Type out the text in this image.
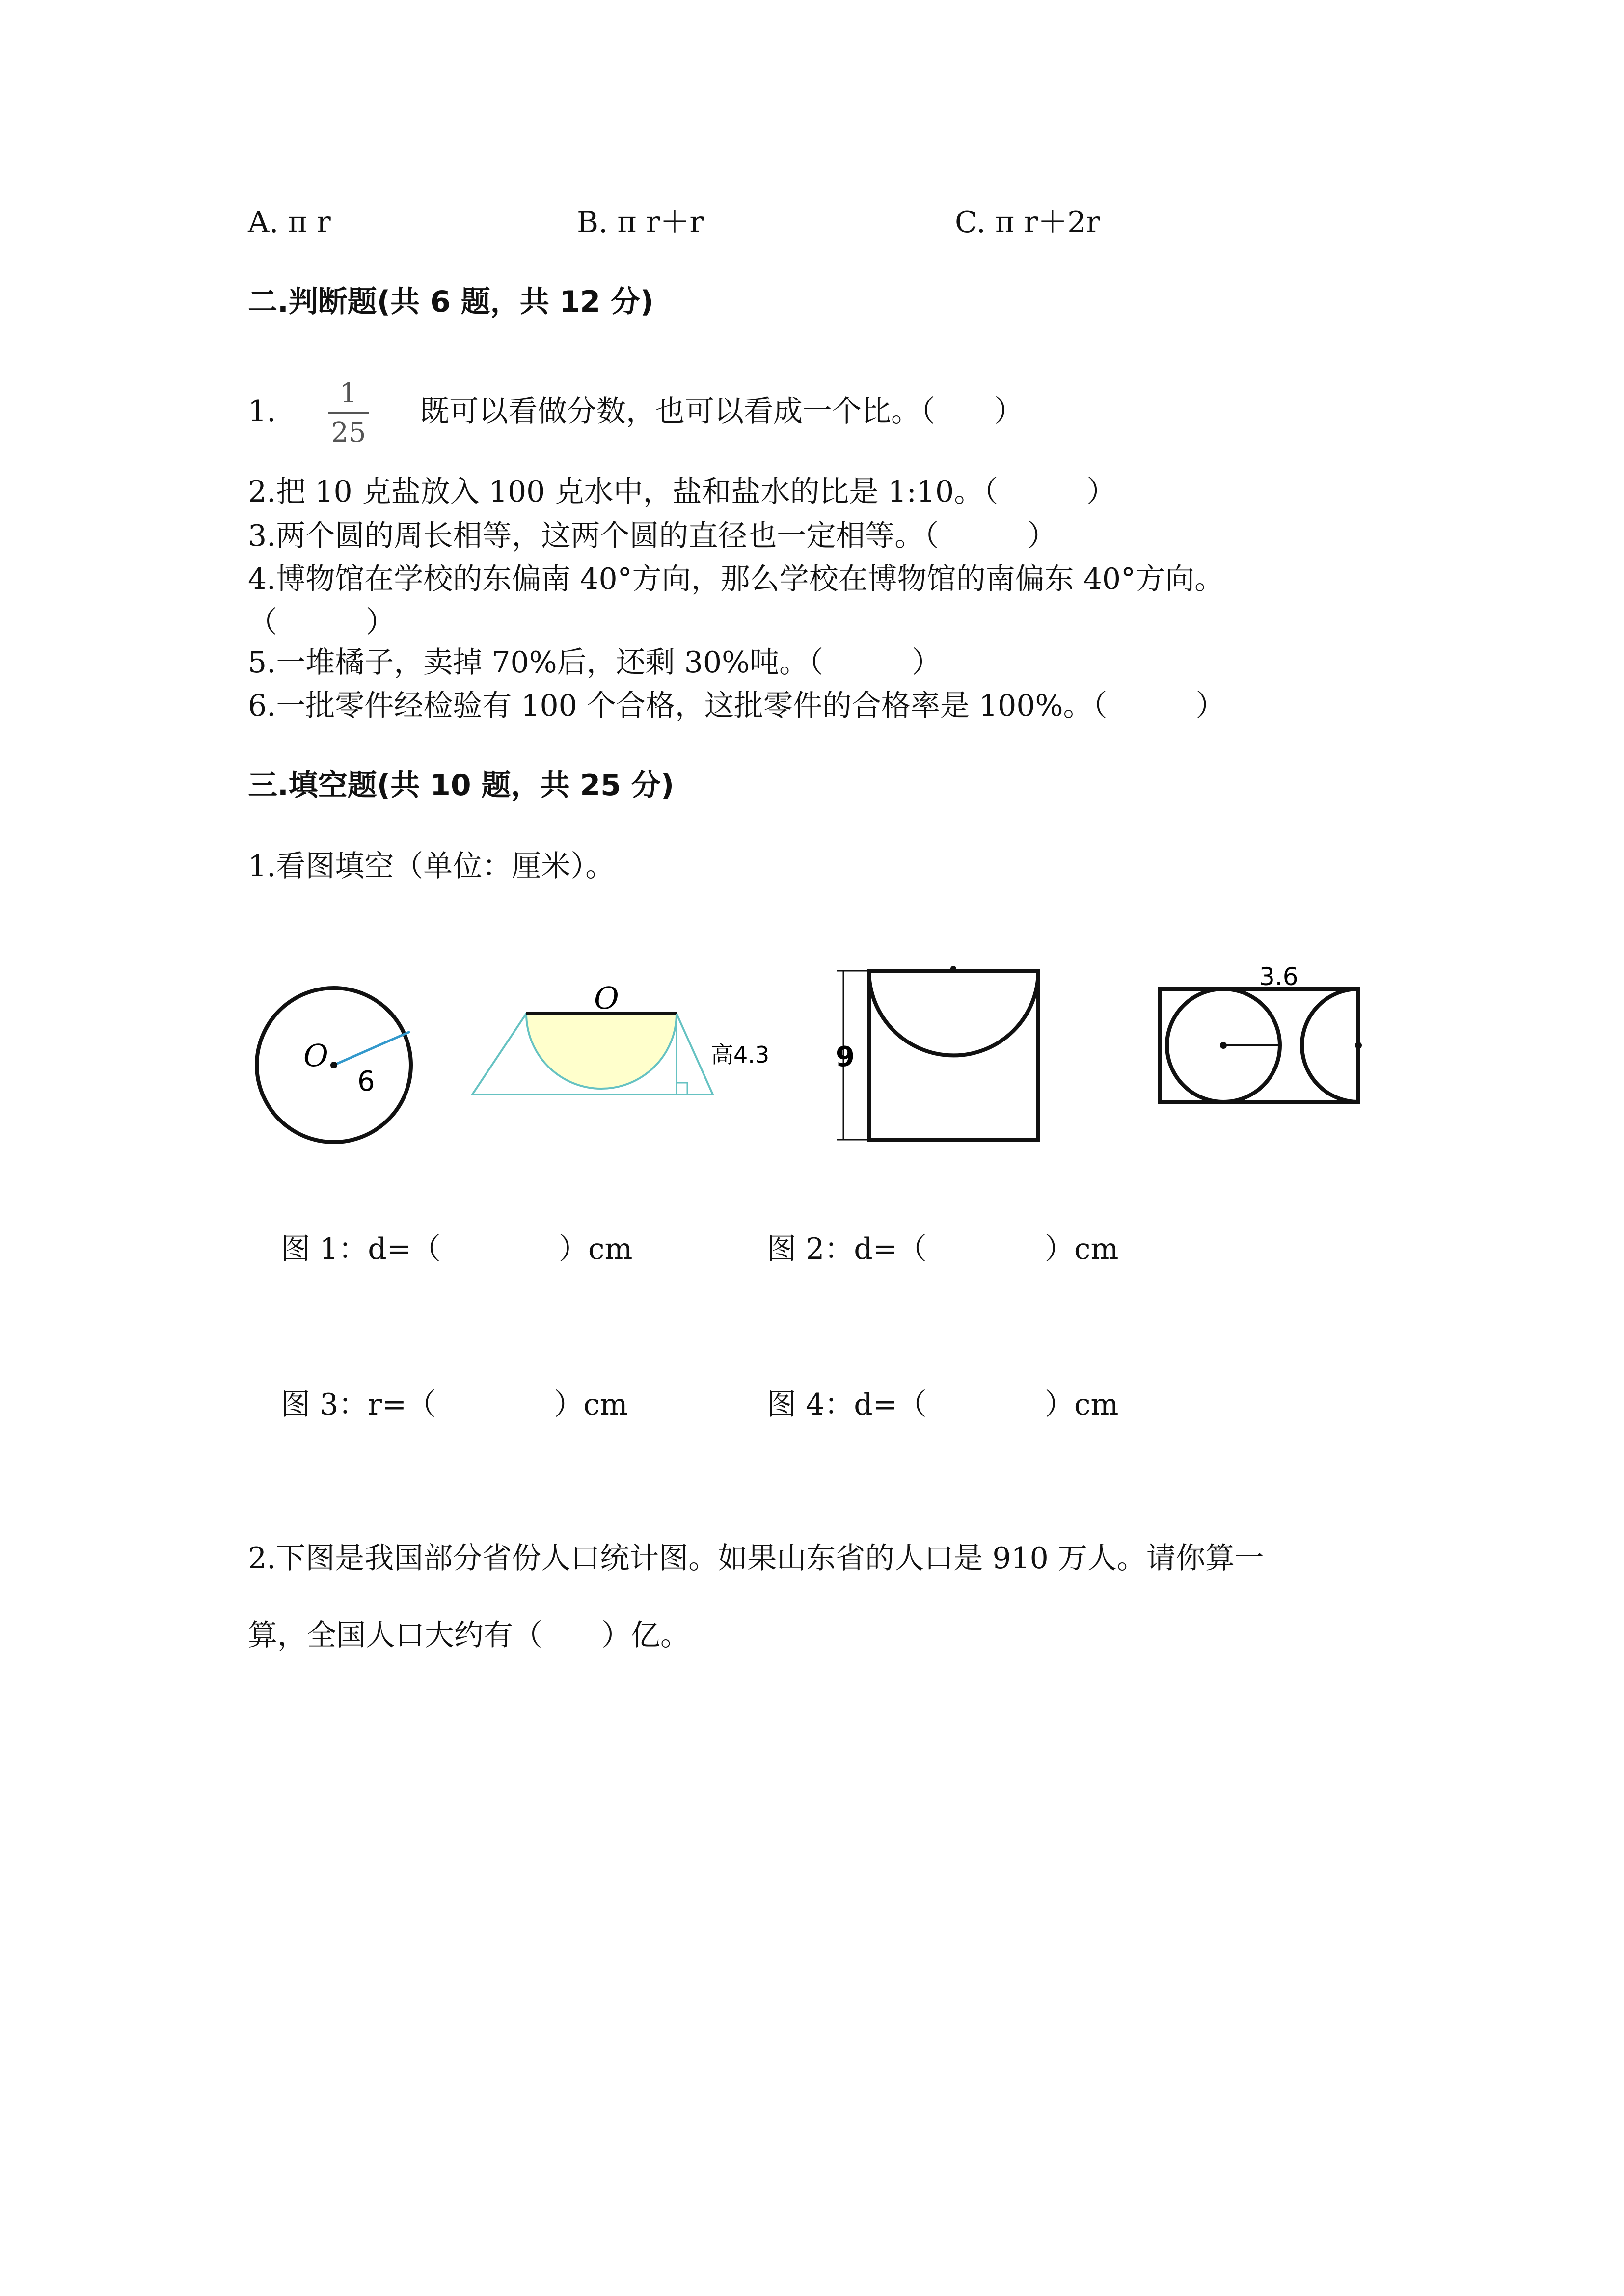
A. π r	B. π r＋r	C. π r＋2r
二.判断题(共 6 题，共 12 分)
1.
1
25
既可以看做分数，也可以看成一个比。（　　）
2.把 10 克盐放入 100 克水中，盐和盐水的比是 1:10。（　　　）
3.两个圆的周长相等，这两个圆的直径也一定相等。（　　　）
4.博物馆在学校的东偏南 40°方向，那么学校在博物馆的南偏东 40°方向。
（　　　）
5.一堆橘子，卖掉 70%后，还剩 30%吨。（　　　）
6.一批零件经检验有 100 个合格，这批零件的合格率是 100%。（　　　）
三.填空题(共 10 题，共 25 分)
1.看图填空（单位：厘米）。
O
6
O
高4.3 9
3.6
图 1：d=（　　　　）cm	图 2：d=（　　　　）cm
图 3：r=（　　　　）cm	图 4：d=（　　　　）cm
2.下图是我国部分省份人口统计图。如果山东省的人口是 910 万人。请你算一
算，全国人口大约有（　　）亿。
